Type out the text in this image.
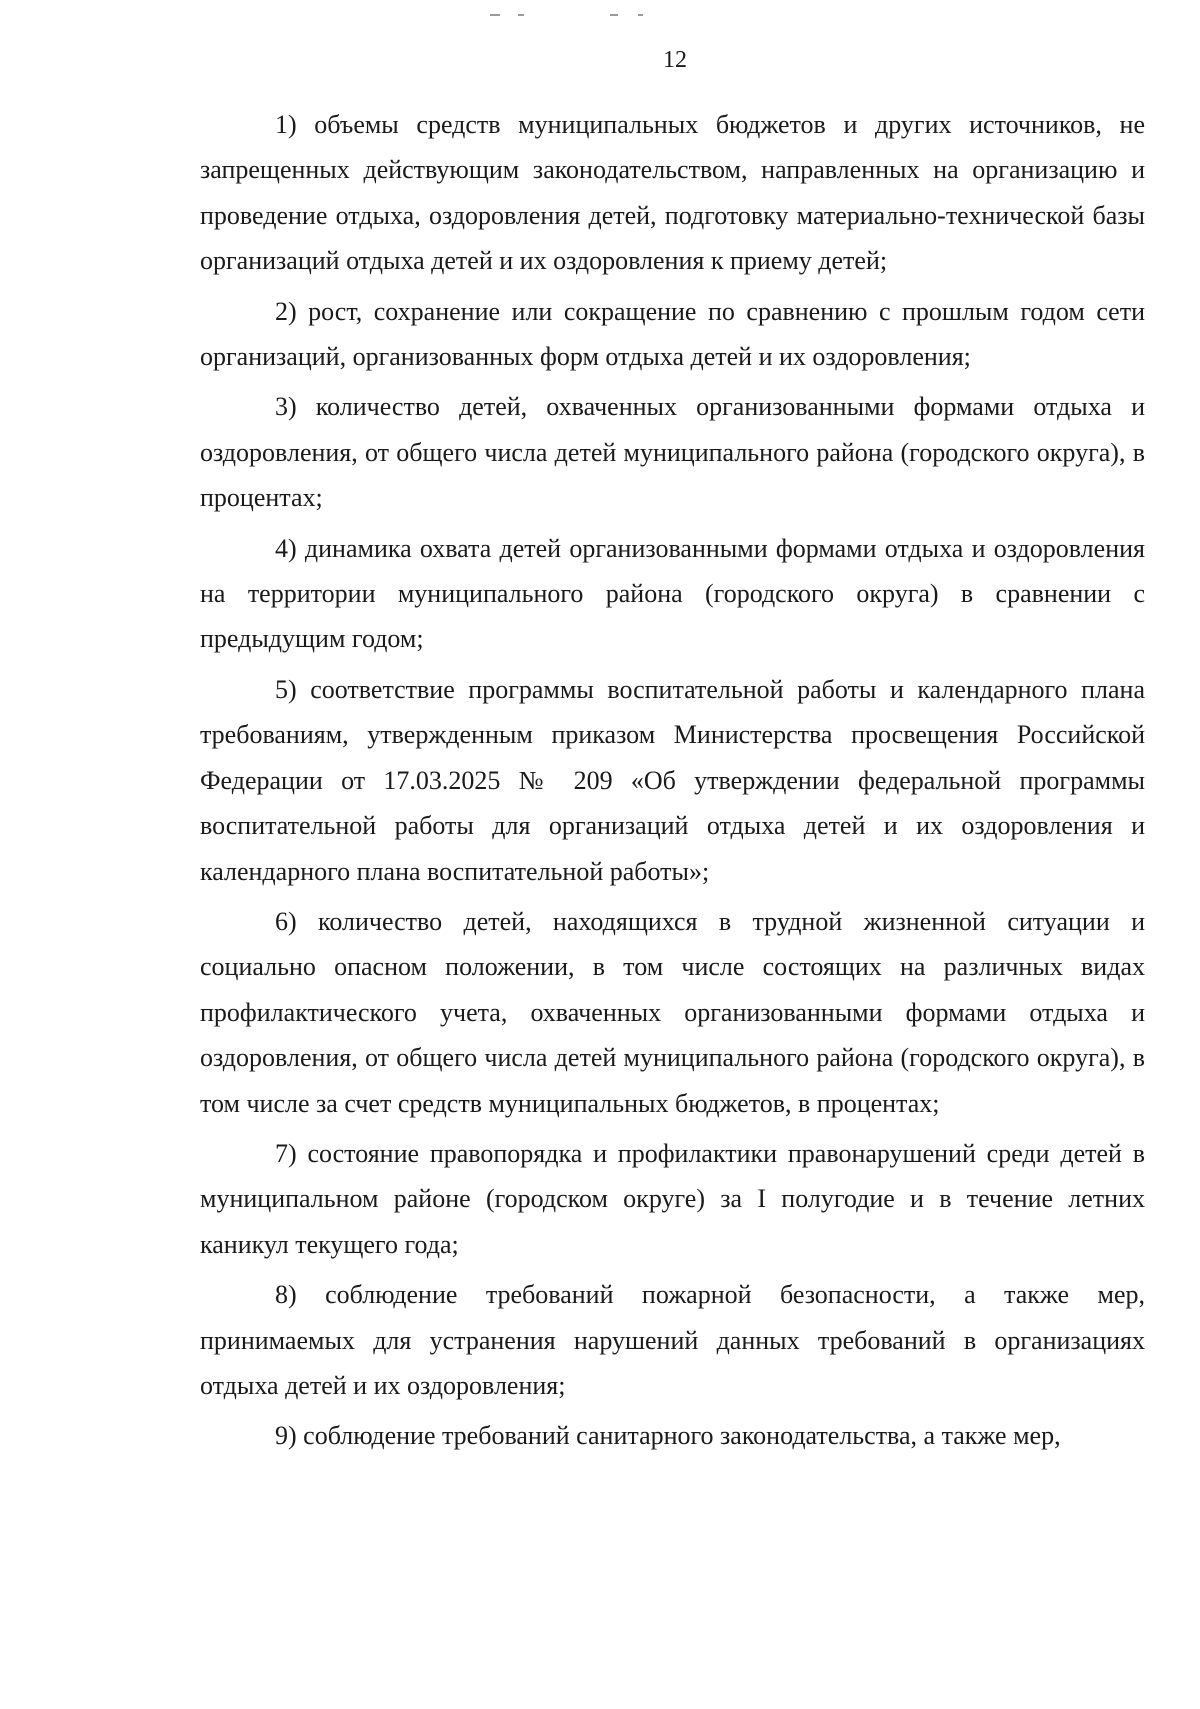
12

1) объемы средств муниципальных бюджетов и других источников, не запрещенных действующим законодательством, направленных на организацию и проведение отдыха, оздоровления детей, подготовку материально-технической базы организаций отдыха детей и их оздоровления к приему детей;

2) рост, сохранение или сокращение по сравнению с прошлым годом сети организаций, организованных форм отдыха детей и их оздоровления;

3) количество детей, охваченных организованными формами отдыха и оздоровления, от общего числа детей муниципального района (городского округа), в процентах;

4) динамика охвата детей организованными формами отдыха и оздоровления на территории муниципального района (городского округа) в сравнении с предыдущим годом;

5) соответствие программы воспитательной работы и календарного плана требованиям, утвержденным приказом Министерства просвещения Российской Федерации от 17.03.2025 № 209 «Об утверждении федеральной программы воспитательной работы для организаций отдыха детей и их оздоровления и календарного плана воспитательной работы»;

6) количество детей, находящихся в трудной жизненной ситуации и социально опасном положении, в том числе состоящих на различных видах профилактического учета, охваченных организованными формами отдыха и оздоровления, от общего числа детей муниципального района (городского округа), в том числе за счет средств муниципальных бюджетов, в процентах;

7) состояние правопорядка и профилактики правонарушений среди детей в муниципальном районе (городском округе) за I полугодие и в течение летних каникул текущего года;

8) соблюдение требований пожарной безопасности, а также мер, принимаемых для устранения нарушений данных требований в организациях отдыха детей и их оздоровления;

9) соблюдение требований санитарного законодательства, а также мер,
